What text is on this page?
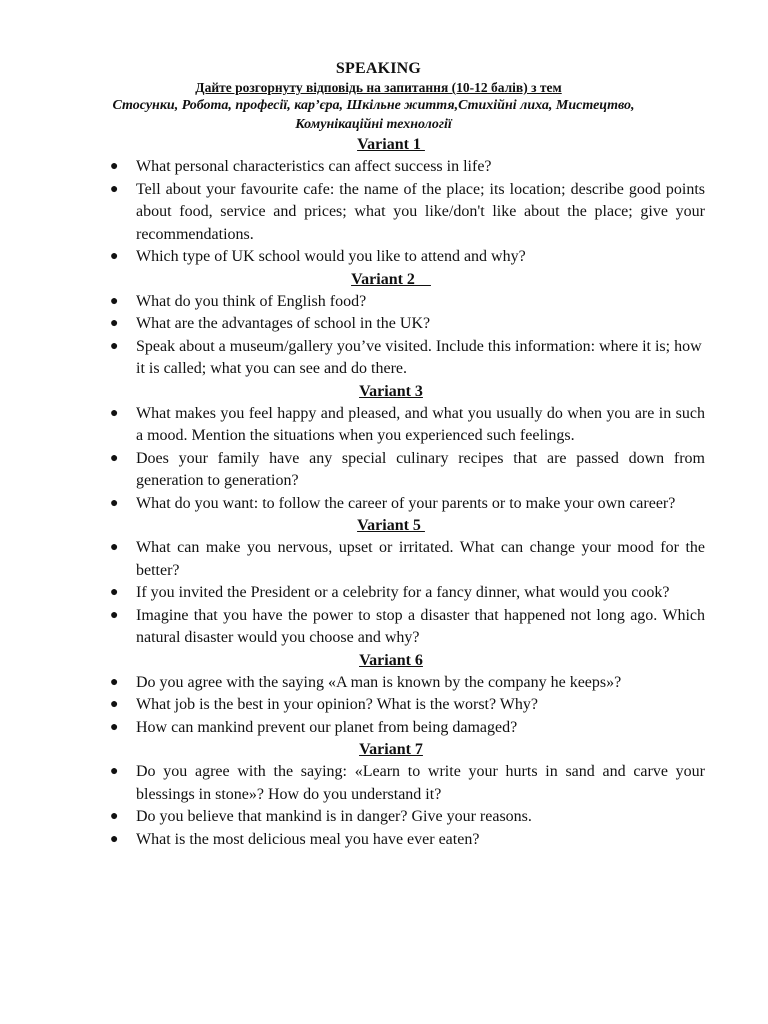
SPEAKING
Дайте розгорнуту відповідь на запитання (10-12 балів) з тем
Стосунки, Робота, професії, кар’єра, Шкільне життя,Стихійні лиха, Мистецтво,
Комунікаційні технології
Variant 1
● What personal characteristics can affect success in life?
● Tell about your favourite cafe: the name of the place; its location; describe good points about food, service and prices; what you like/don't like about the place; give your recommendations.
● Which type of UK school would you like to attend and why?
Variant 2
● What do you think of English food?
● What are the advantages of school in the UK?
● Speak about a museum/gallery you’ve visited. Include this information: where it is; how it is called; what you can see and do there.
Variant 3
● What makes you feel happy and pleased, and what you usually do when you are in such a mood. Mention the situations when you experienced such feelings.
● Does your family have any special culinary recipes that are passed down from generation to generation?
● What do you want: to follow the career of your parents or to make your own career?
Variant 5
● What can make you nervous, upset or irritated. What can change your mood for the better?
● If you invited the President or a celebrity for a fancy dinner, what would you cook?
● Imagine that you have the power to stop a disaster that happened not long ago. Which natural disaster would you choose and why?
Variant 6
● Do you agree with the saying «A man is known by the company he keeps»?
● What job is the best in your opinion? What is the worst? Why?
● How can mankind prevent our planet from being damaged?
Variant 7
● Do you agree with the saying: «Learn to write your hurts in sand and carve your blessings in stone»? How do you understand it?
● Do you believe that mankind is in danger? Give your reasons.
● What is the most delicious meal you have ever eaten?
